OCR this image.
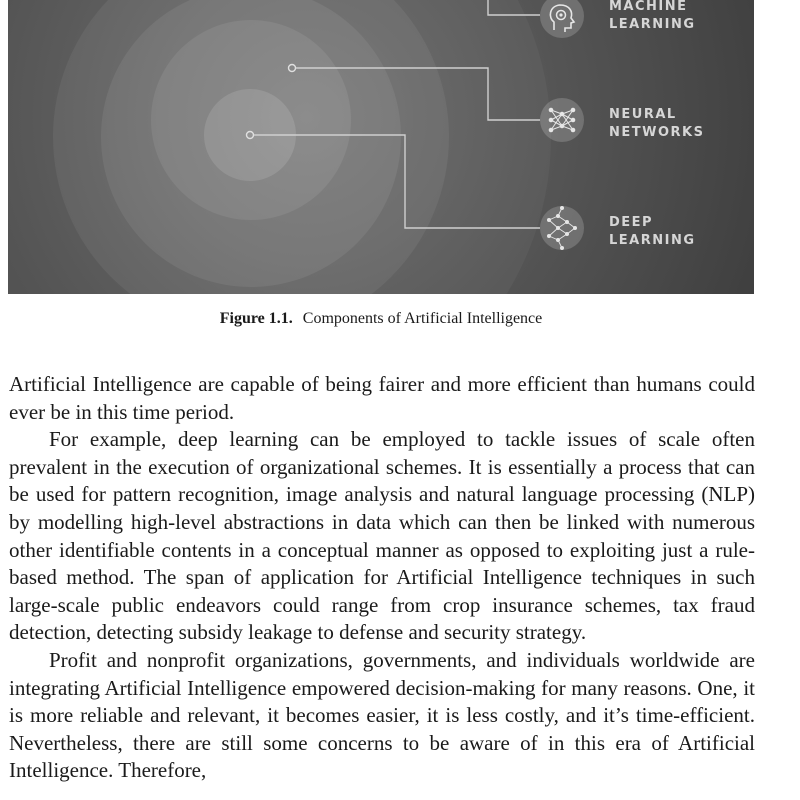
MACHINE
LEARNING
NEURAL
NETWORKS
DEEP
LEARNING
Figure 1.1. Components of Artificial Intelligence

Artificial Intelligence are capable of being fairer and more efficient than humans could ever be in this time period.

For example, deep learning can be employed to tackle issues of scale often prevalent in the execution of organizational schemes. It is essentially a process that can be used for pattern recognition, image analysis and natural language processing (NLP) by modelling high-level abstractions in data which can then be linked with numerous other identifiable contents in a conceptual manner as opposed to exploiting just a rule-based method. The span of application for Artificial Intelligence techniques in such large-scale public endeavors could range from crop insurance schemes, tax fraud detection, detecting subsidy leakage to defense and security strategy.

Profit and nonprofit organizations, governments, and individuals worldwide are integrating Artificial Intelligence empowered decision-making for many reasons. One, it is more reliable and relevant, it becomes easier, it is less costly, and it’s time-efficient. Nevertheless, there are still some concerns to be aware of in this era of Artificial Intelligence. Therefore,
